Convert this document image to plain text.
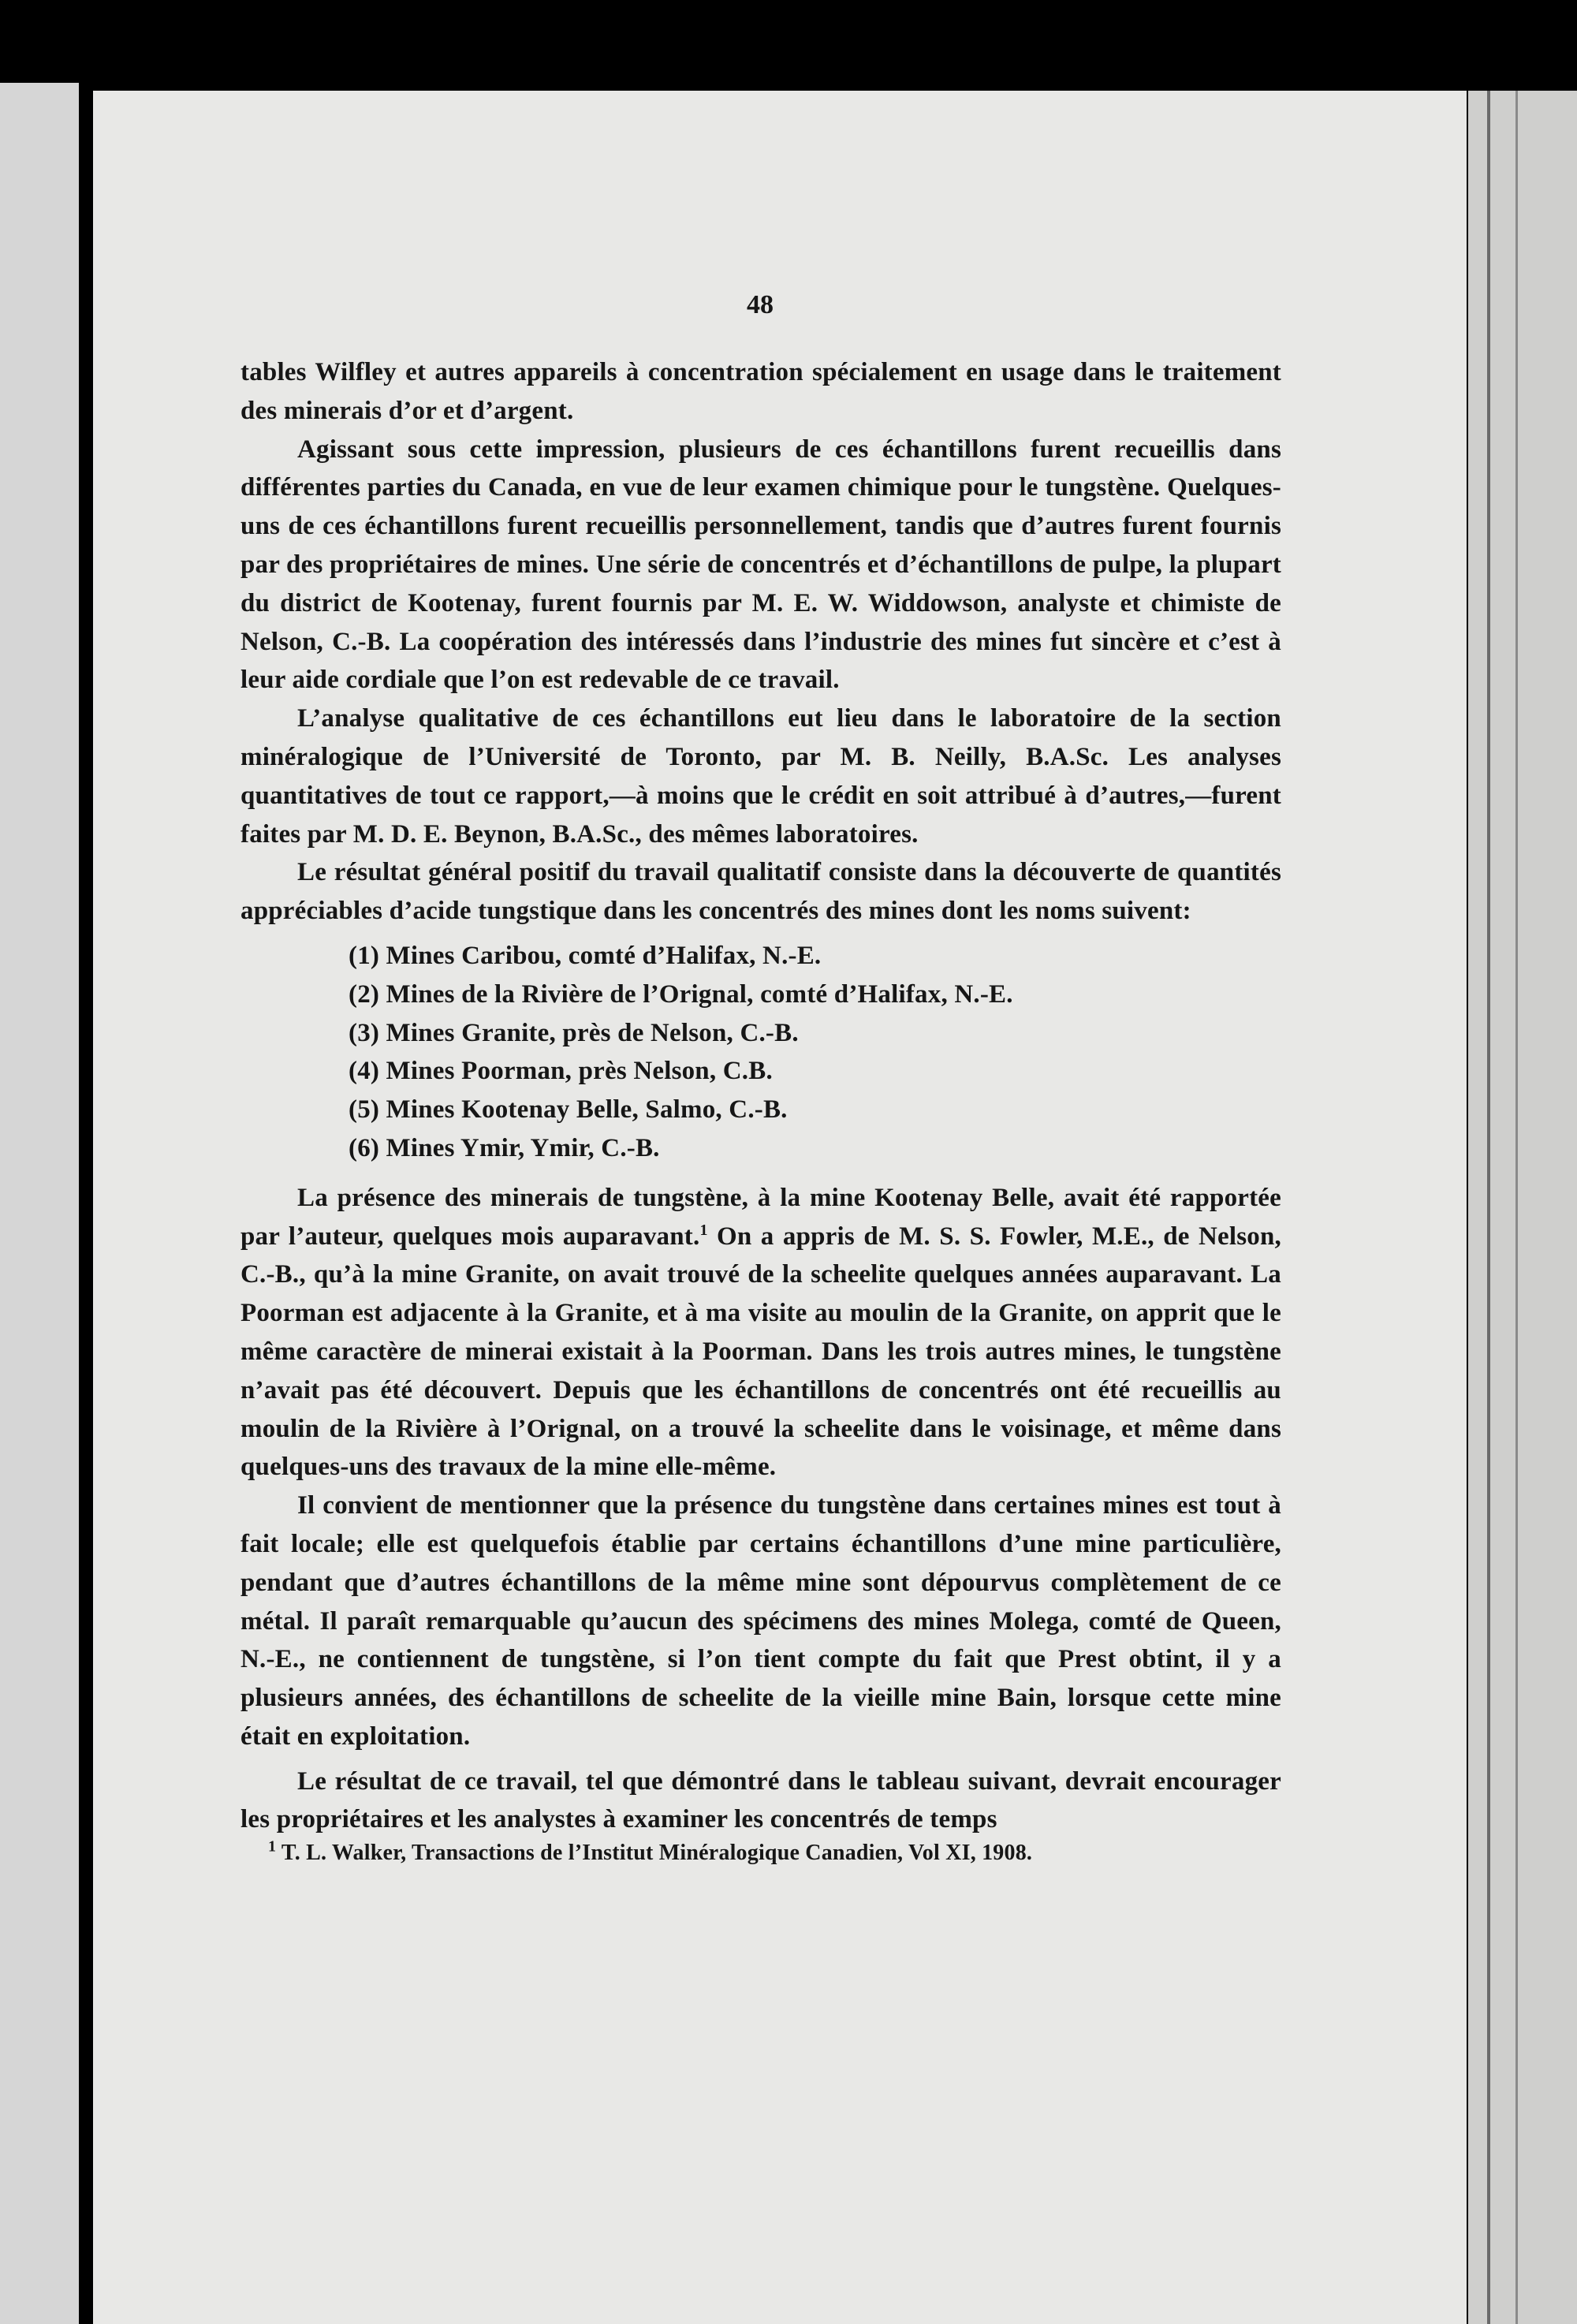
48

tables Wilfley et autres appareils à concentration spécialement en usage dans le traitement des minerais d’or et d’argent.

Agissant sous cette impression, plusieurs de ces échantillons furent recueillis dans différentes parties du Canada, en vue de leur examen chimique pour le tungstène. Quelques-uns de ces échantillons furent recueillis personnellement, tandis que d’autres furent fournis par des propriétaires de mines. Une série de concentrés et d’échantillons de pulpe, la plupart du district de Kootenay, furent fournis par M. E. W. Widdowson, analyste et chimiste de Nelson, C.-B. La coopération des intéressés dans l’industrie des mines fut sincère et c’est à leur aide cordiale que l’on est redevable de ce travail.

L’analyse qualitative de ces échantillons eut lieu dans le laboratoire de la section minéralogique de l’Université de Toronto, par M. B. Neilly, B.A.Sc. Les analyses quantitatives de tout ce rapport,—à moins que le crédit en soit attribué à d’autres,—furent faites par M. D. E. Beynon, B.A.Sc., des mêmes laboratoires.

Le résultat général positif du travail qualitatif consiste dans la découverte de quantités appréciables d’acide tungstique dans les concentrés des mines dont les noms suivent:

(1) Mines Caribou, comté d’Halifax, N.-E.
(2) Mines de la Rivière de l’Orignal, comté d’Halifax, N.-E.
(3) Mines Granite, près de Nelson, C.-B.
(4) Mines Poorman, près Nelson, C.B.
(5) Mines Kootenay Belle, Salmo, C.-B.
(6) Mines Ymir, Ymir, C.-B.

La présence des minerais de tungstène, à la mine Kootenay Belle, avait été rapportée par l’auteur, quelques mois auparavant.$^1$ On a appris de M. S. S. Fowler, M.E., de Nelson, C.-B., qu’à la mine Granite, on avait trouvé de la scheelite quelques années auparavant. La Poorman est adjacente à la Granite, et à ma visite au moulin de la Granite, on apprit que le même caractère de minerai existait à la Poorman. Dans les trois autres mines, le tungstène n’avait pas été découvert. Depuis que les échantillons de concentrés ont été recueillis au moulin de la Rivière à l’Orignal, on a trouvé la scheelite dans le voisinage, et même dans quelques-uns des travaux de la mine elle-même.

Il convient de mentionner que la présence du tungstène dans certaines mines est tout à fait locale; elle est quelquefois établie par certains échantillons d’une mine particulière, pendant que d’autres échantillons de la même mine sont dépourvus complètement de ce métal. Il paraît remarquable qu’aucun des spécimens des mines Molega, comté de Queen, N.-E., ne contiennent de tungstène, si l’on tient compte du fait que Prest obtint, il y a plusieurs années, des échantillons de scheelite de la vieille mine Bain, lorsque cette mine était en exploitation.

Le résultat de ce travail, tel que démontré dans le tableau suivant, devrait encourager les propriétaires et les analystes à examiner les concentrés de temps

$^1$ T. L. Walker, Transactions de l’Institut Minéralogique Canadien, Vol XI, 1908.
